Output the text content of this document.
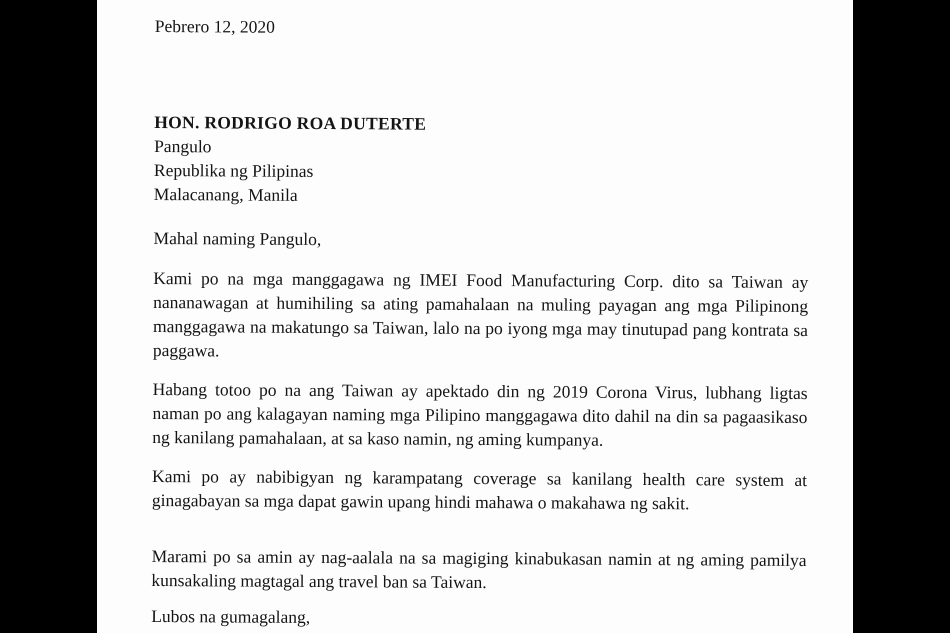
Pebrero 12, 2020
HON. RODRIGO ROA DUTERTE
Pangulo
Republika ng Pilipinas
Malacanang, Manila
Mahal naming Pangulo,

Kami po na mga manggagawa ng IMEI Food Manufacturing Corp. dito sa Taiwan ay nananawagan at humihiling sa ating pamahalaan na muling payagan ang mga Pilipinong manggagawa na makatungo sa Taiwan, lalo na po iyong mga may tinutupad pang kontrata sa paggawa.

Habang totoo po na ang Taiwan ay apektado din ng 2019 Corona Virus, lubhang ligtas naman po ang kalagayan naming mga Pilipino manggagawa dito dahil na din sa pagaasikaso ng kanilang pamahalaan, at sa kaso namin, ng aming kumpanya.

Kami po ay nabibigyan ng karampatang coverage sa kanilang health care system at ginagabayan sa mga dapat gawin upang hindi mahawa o makahawa ng sakit.

Marami po sa amin ay nag-aalala na sa magiging kinabukasan namin at ng aming pamilya kunsakaling magtagal ang travel ban sa Taiwan.

Lubos na gumagalang,
